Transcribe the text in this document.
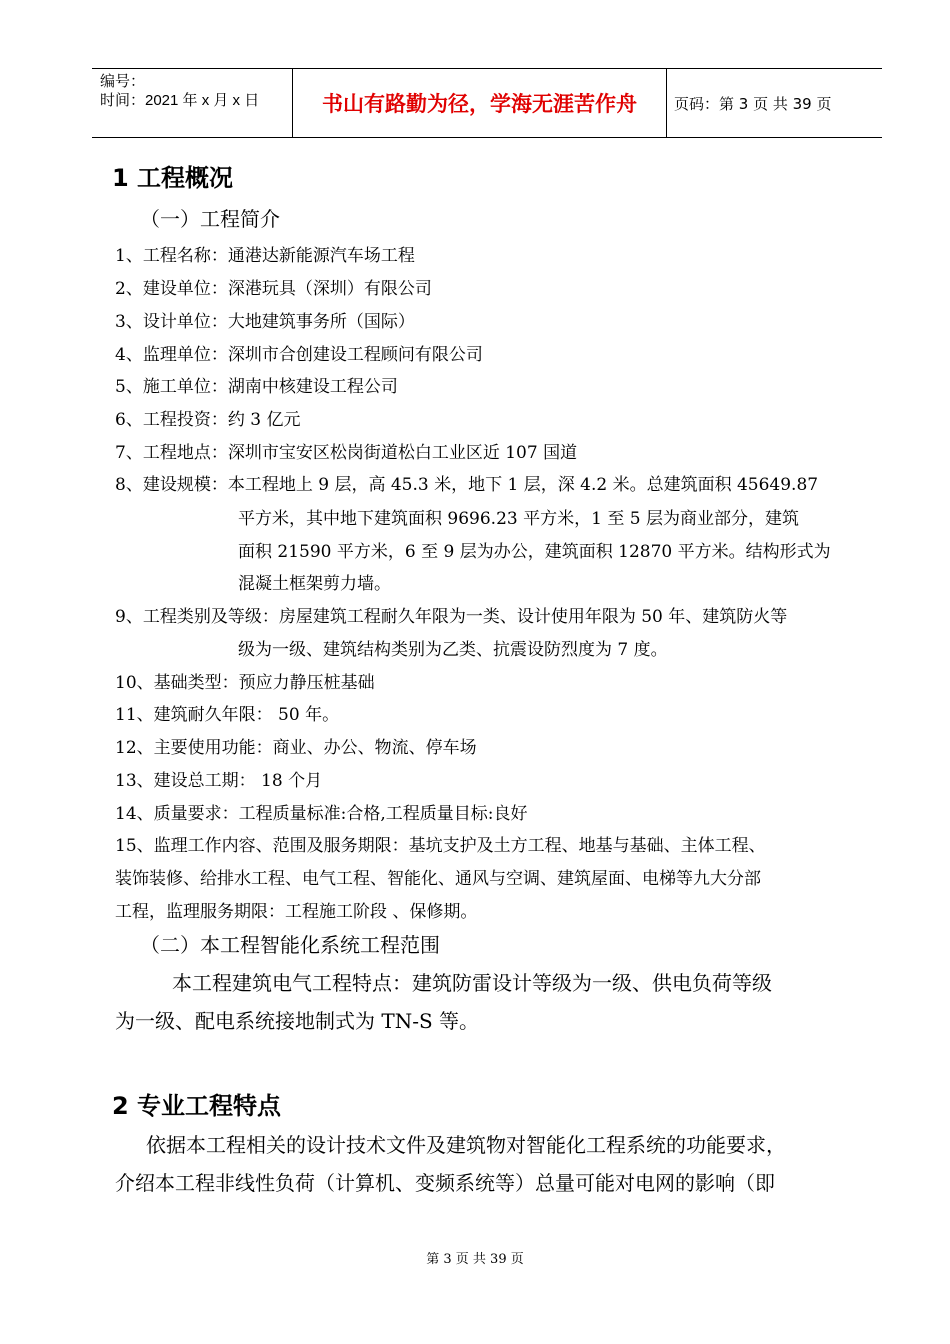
编号：
时间：2021 年 x 月 x 日	书山有路勤为径，学海无涯苦作舟	页码：第 3 页 共 39 页
1 工程概况
（一）工程简介
1、工程名称：通港达新能源汽车场工程
2、建设单位：深港玩具（深圳）有限公司
3、设计单位：大地建筑事务所（国际）
4、监理单位：深圳市合创建设工程顾问有限公司
5、施工单位：湖南中核建设工程公司
6、工程投资：约 3 亿元
7、工程地点：深圳市宝安区松岗街道松白工业区近 107 国道
8、建设规模：本工程地上 9 层，高 45.3 米，地下 1 层，深 4.2 米。总建筑面积 45649.87
平方米，其中地下建筑面积 9696.23 平方米，1 至 5 层为商业部分，建筑
面积 21590 平方米，6 至 9 层为办公，建筑面积 12870 平方米。结构形式为
混凝土框架剪力墙。
9、工程类别及等级：房屋建筑工程耐久年限为一类、设计使用年限为 50 年、建筑防火等
级为一级、建筑结构类别为乙类、抗震设防烈度为 7 度。
10、基础类型：预应力静压桩基础
11、建筑耐久年限： 50 年。
12、主要使用功能：商业、办公、物流、停车场
13、建设总工期： 18 个月
14、质量要求：工程质量标准:合格,工程质量目标:良好
15、监理工作内容、范围及服务期限：基坑支护及土方工程、地基与基础、主体工程、
装饰装修、给排水工程、电气工程、智能化、通风与空调、建筑屋面、电梯等九大分部
工程，监理服务期限：工程施工阶段 、保修期。
（二）本工程智能化系统工程范围
本工程建筑电气工程特点：建筑防雷设计等级为一级、供电负荷等级
为一级、配电系统接地制式为 TN-S 等。
2 专业工程特点
依据本工程相关的设计技术文件及建筑物对智能化工程系统的功能要求，
介绍本工程非线性负荷（计算机、变频系统等）总量可能对电网的影响（即
第 3 页 共 39 页
